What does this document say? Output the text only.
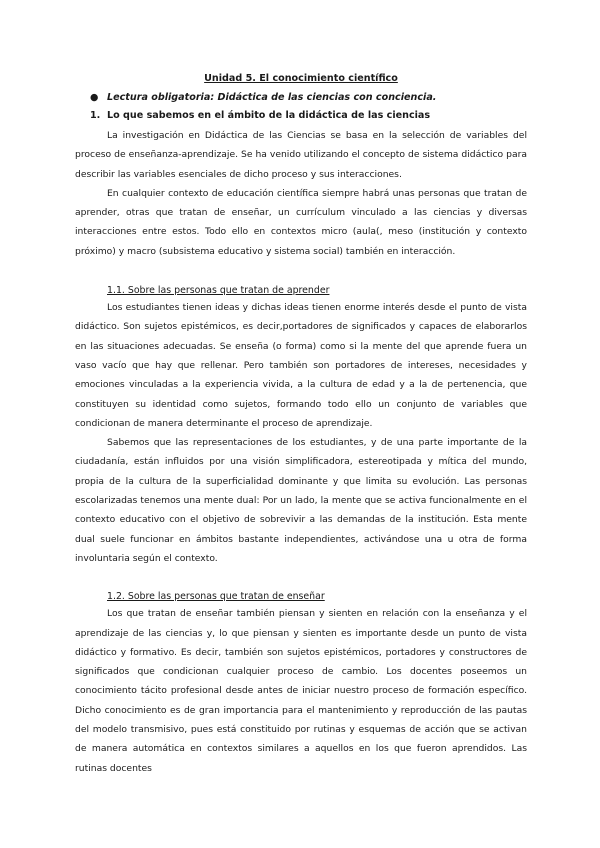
Unidad 5. El conocimiento científico

● Lectura obligatoria: Didáctica de las ciencias con conciencia.

1. Lo que sabemos en el ámbito de la didáctica de las ciencias

La investigación en Didáctica de las Ciencias se basa en la selección de variables del proceso de enseñanza-aprendizaje. Se ha venido utilizando el concepto de sistema didáctico para describir las variables esenciales de dicho proceso y sus interacciones.

En cualquier contexto de educación científica siempre habrá unas personas que tratan de aprender, otras que tratan de enseñar, un currículum vinculado a las ciencias y diversas interacciones entre estos. Todo ello en contextos micro (aula(, meso (institución y contexto próximo) y macro (subsistema educativo y sistema social) también en interacción.

1.1. Sobre las personas que tratan de aprender

Los estudiantes tienen ideas y dichas ideas tienen enorme interés desde el punto de vista didáctico. Son sujetos epistémicos, es decir,portadores de significados y capaces de elaborarlos en las situaciones adecuadas. Se enseña (o forma) como si la mente del que aprende fuera un vaso vacío que hay que rellenar. Pero también son portadores de intereses, necesidades y emociones vinculadas a la experiencia vivida, a la cultura de edad y a la de pertenencia, que constituyen su identidad como sujetos, formando todo ello un conjunto de variables que condicionan de manera determinante el proceso de aprendizaje.

Sabemos que las representaciones de los estudiantes, y de una parte importante de la ciudadanía, están influidos por una visión simplificadora, estereotipada y mítica del mundo, propia de la cultura de la superficialidad dominante y que limita su evolución. Las personas escolarizadas tenemos una mente dual: Por un lado, la mente que se activa funcionalmente en el contexto educativo con el objetivo de sobrevivir a las demandas de la institución. Esta mente dual suele funcionar en ámbitos bastante independientes, activándose una u otra de forma involuntaria según el contexto.

1.2. Sobre las personas que tratan de enseñar

Los que tratan de enseñar también piensan y sienten en relación con la enseñanza y el aprendizaje de las ciencias y, lo que piensan y sienten es importante desde un punto de vista didáctico y formativo. Es decir, también son sujetos epistémicos, portadores y constructores de significados que condicionan cualquier proceso de cambio. Los docentes poseemos un conocimiento tácito profesional desde antes de iniciar nuestro proceso de formación específico. Dicho conocimiento es de gran importancia para el mantenimiento y reproducción de las pautas del modelo transmisivo, pues está constituido por rutinas y esquemas de acción que se activan de manera automática en contextos similares a aquellos en los que fueron aprendidos. Las rutinas docentes
